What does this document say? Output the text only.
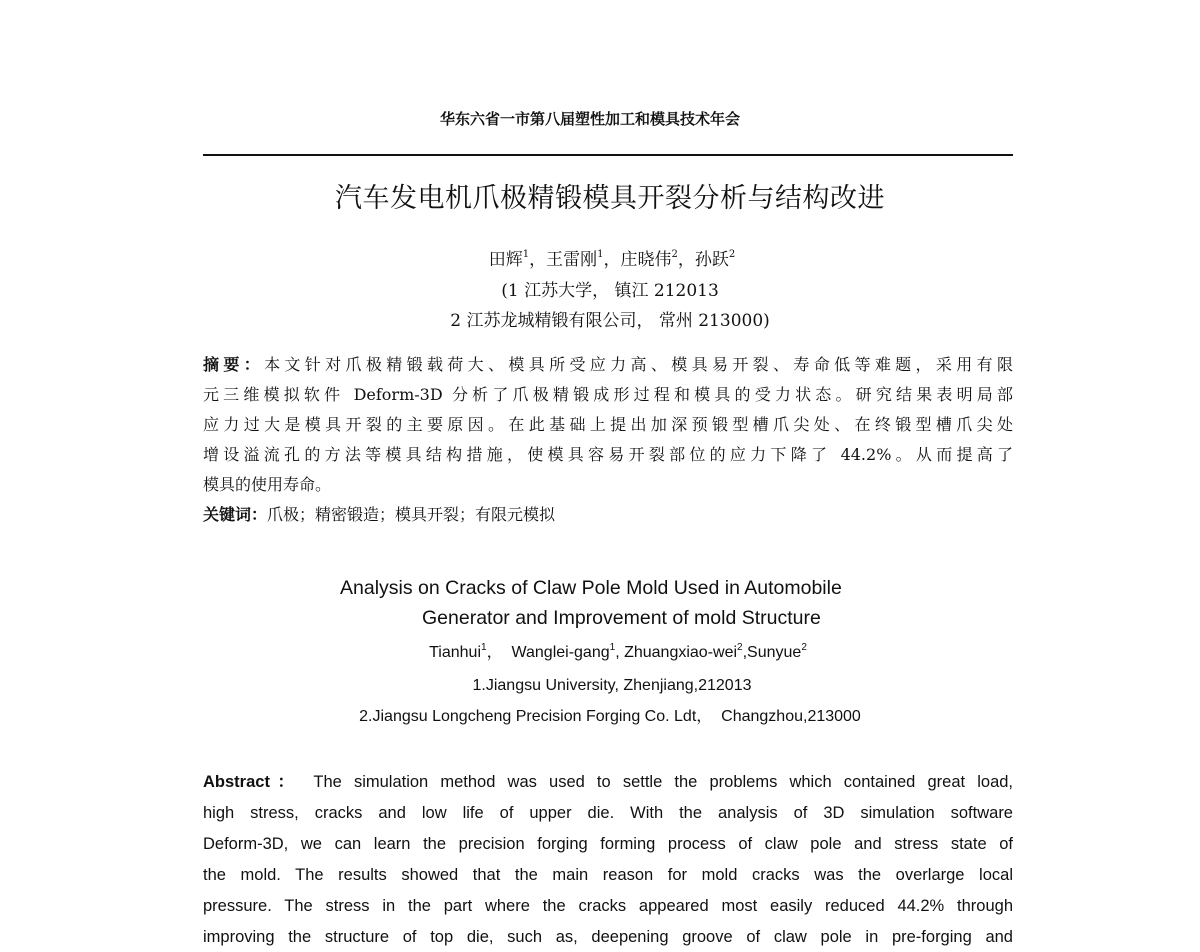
华东六省一市第八届塑性加工和模具技术年会
汽车发电机爪极精锻模具开裂分析与结构改进
田辉$^1$，王雷刚$^1$，庄晓伟$^2$，孙跃$^2$
(1 江苏大学， 镇江 212013
2 江苏龙城精锻有限公司， 常州 213000)
摘要：本文针对爪极精锻载荷大、模具所受应力高、模具易开裂、寿命低等难题，采用有限
元三维模拟软件 Deform-3D 分析了爪极精锻成形过程和模具的受力状态。研究结果表明局部
应力过大是模具开裂的主要原因。在此基础上提出加深预锻型槽爪尖处、在终锻型槽爪尖处
增设溢流孔的方法等模具结构措施，使模具容易开裂部位的应力下降了 44.2%。从而提高了
模具的使用寿命。
关键词：爪极；精密锻造；模具开裂；有限元模拟
Analysis on Cracks of Claw Pole Mold Used in Automobile
Generator and Improvement of mold Structure
Tianhui$^1$，  Wanglei-gang$^1$, Zhuangxiao-wei$^2$,Sunyue$^2$
1.Jiangsu University, Zhenjiang,212013
2.Jiangsu Longcheng Precision Forging Co. Ldt，  Changzhou,213000
Abstract： The simulation method was used to settle the problems which contained great load,
high stress, cracks and low life of upper die. With the analysis of 3D simulation software
Deform-3D, we can learn the precision forging forming process of claw pole and stress state of
the mold. The results showed that the main reason for mold cracks was the overlarge local
pressure. The stress in the part where the cracks appeared most easily reduced 44.2% through
improving the structure of top die, such as, deepening groove of claw pole in pre-forging and
